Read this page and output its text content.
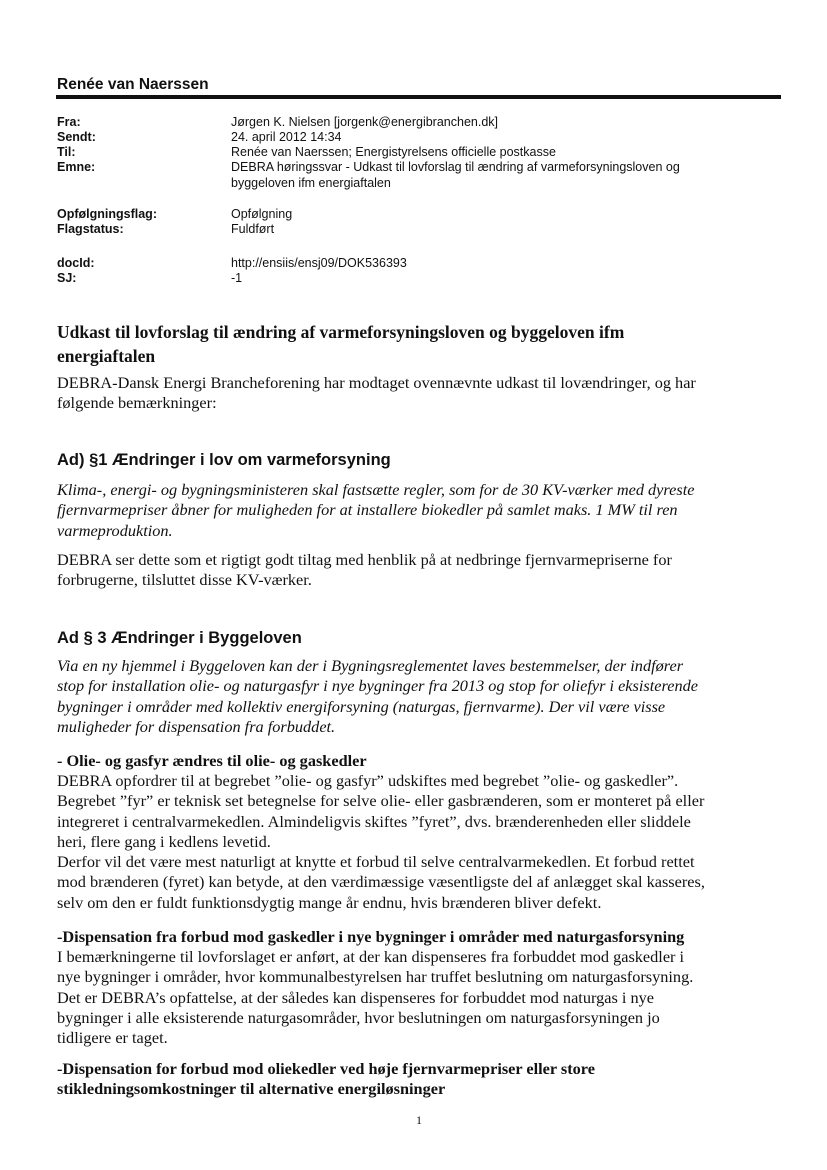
Renée van Naerssen
Fra:	Jørgen K. Nielsen [jorgenk@energibranchen.dk]
Sendt:	24. april 2012 14:34
Til:	Renée van Naerssen; Energistyrelsens officielle postkasse
Emne:	DEBRA høringssvar - Udkast til lovforslag til ændring af varmeforsyningsloven og
byggeloven ifm energiaftalen
Opfølgningsflag:	Opfølgning
Flagstatus:	Fuldført
docId:	http://ensiis/ensj09/DOK536393
SJ:	-1
Udkast til lovforslag til ændring af varmeforsyningsloven og byggeloven ifm
energiaftalen
DEBRA-Dansk Energi Brancheforening har modtaget ovennævnte udkast til lovændringer, og har
følgende bemærkninger:
Ad) §1 Ændringer i lov om varmeforsyning
Klima-, energi- og bygningsministeren skal fastsætte regler, som for de 30 KV-værker med dyreste
fjernvarmepriser åbner for muligheden for at installere biokedler på samlet maks. 1 MW til ren
varmeproduktion.
DEBRA ser dette som et rigtigt godt tiltag med henblik på at nedbringe fjernvarmepriserne for
forbrugerne, tilsluttet disse KV-værker.
Ad § 3 Ændringer i Byggeloven
Via en ny hjemmel i Byggeloven kan der i Bygningsreglementet laves bestemmelser, der indfører
stop for installation olie- og naturgasfyr i nye bygninger fra 2013 og stop for oliefyr i eksisterende
bygninger i områder med kollektiv energiforsyning (naturgas, fjernvarme). Der vil være visse
muligheder for dispensation fra forbuddet.
- Olie- og gasfyr ændres til olie- og gaskedler
DEBRA opfordrer til at begrebet ”olie- og gasfyr” udskiftes med begrebet ”olie- og gaskedler”.
Begrebet ”fyr” er teknisk set betegnelse for selve olie- eller gasbrænderen, som er monteret på eller
integreret i centralvarmekedlen. Almindeligvis skiftes ”fyret”, dvs. brænderenheden eller sliddele
heri, flere gang i kedlens levetid.
Derfor vil det være mest naturligt at knytte et forbud til selve centralvarmekedlen. Et forbud rettet
mod brænderen (fyret) kan betyde, at den værdimæssige væsentligste del af anlægget skal kasseres,
selv om den er fuldt funktionsdygtig mange år endnu, hvis brænderen bliver defekt.
-Dispensation fra forbud mod gaskedler i nye bygninger i områder med naturgasforsyning
I bemærkningerne til lovforslaget er anført, at der kan dispenseres fra forbuddet mod gaskedler i
nye bygninger i områder, hvor kommunalbestyrelsen har truffet beslutning om naturgasforsyning.
Det er DEBRA’s opfattelse, at der således kan dispenseres for forbuddet mod naturgas i nye
bygninger i alle eksisterende naturgasområder, hvor beslutningen om naturgasforsyningen jo
tidligere er taget.
-Dispensation for forbud mod oliekedler ved høje fjernvarmepriser eller store
stikledningsomkostninger til alternative energiløsninger
1
